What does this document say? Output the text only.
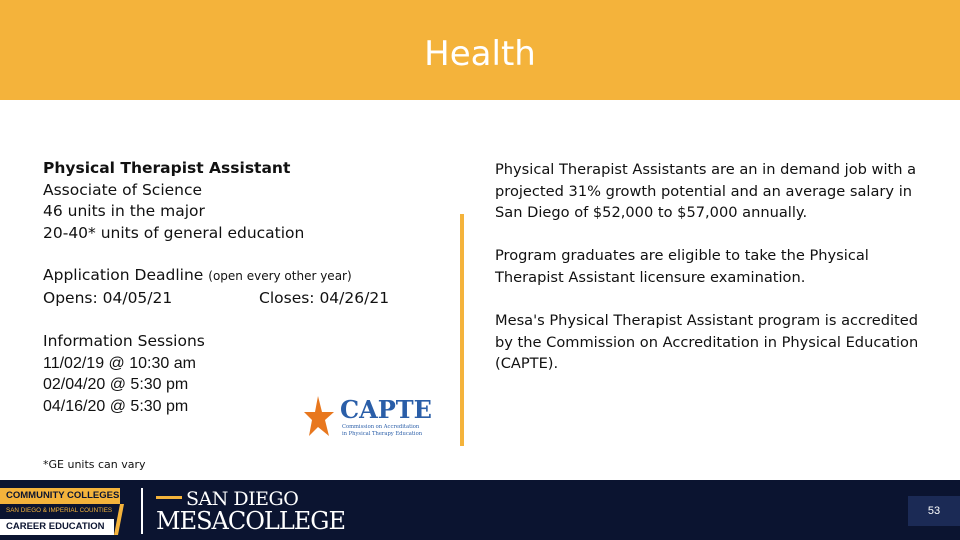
Health
Physical Therapist Assistant
Associate of Science
46 units in the major
20-40* units of general education
Application Deadline (open every other year)
Opens: 04/05/21	Closes: 04/26/21
Information Sessions
11/02/19 @ 10:30 am
02/04/20 @ 5:30 pm
04/16/20 @ 5:30 pm	CAPTE
Commission on Accreditation
in Physical Therapy Education

Physical Therapist Assistants are an in demand job with a projected 31% growth potential and an average salary in San Diego of $52,000 to $57,000 annually.

Program graduates are eligible to take the Physical Therapist Assistant licensure examination.

Mesa's Physical Therapist Assistant program is accredited by the Commission on Accreditation in Physical Education (CAPTE).

*GE units can vary
COMMUNITY COLLEGES
SAN DIEGO & IMPERIAL COUNTIES
CAREER EDUCATION
SAN DIEGO
MESACOLLEGE	53
